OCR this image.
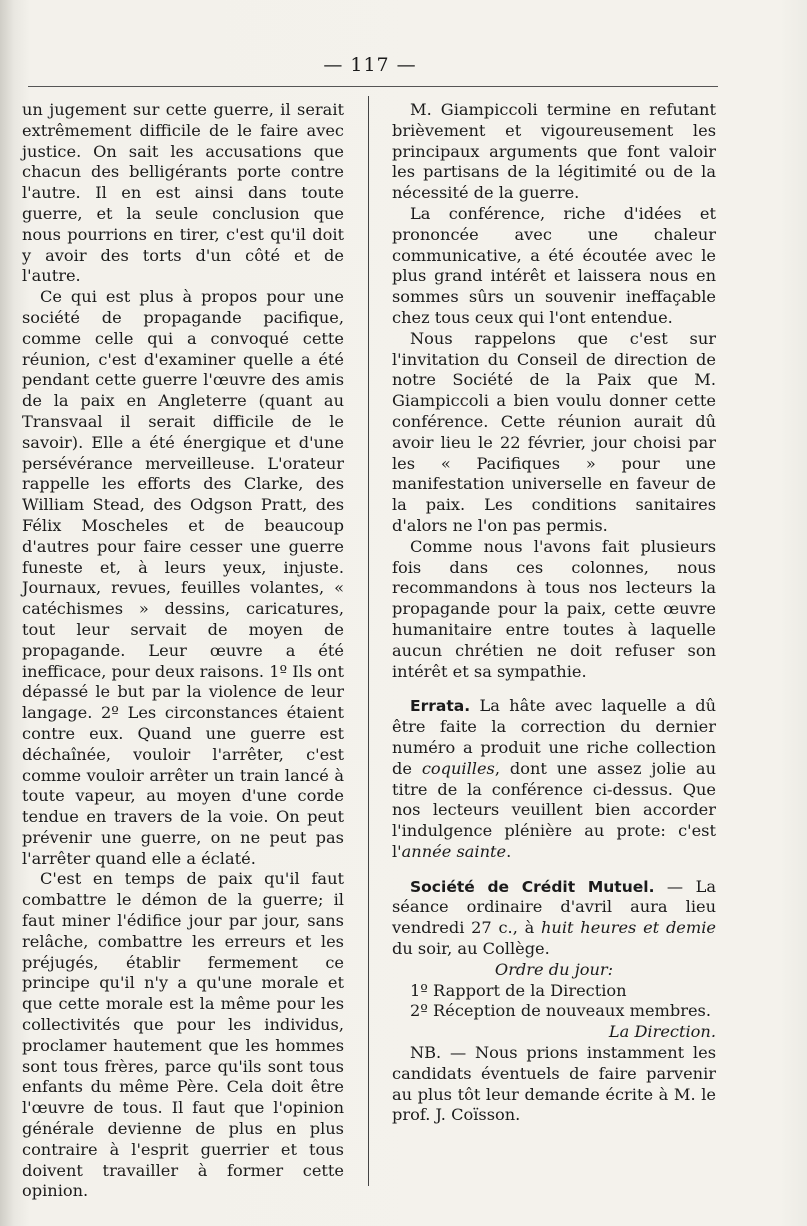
— 117 —

un jugement sur cette guerre, il serait extrêmement difficile de le faire avec justice. On sait les accusations que chacun des belligérants porte contre l'autre. Il en est ainsi dans toute guerre, et la seule conclusion que nous pourrions en tirer, c'est qu'il doit y avoir des torts d'un côté et de l'autre.

Ce qui est plus à propos pour une société de propagande pacifique, comme celle qui a convoqué cette réunion, c'est d'examiner quelle a été pendant cette guerre l'œuvre des amis de la paix en Angleterre (quant au Transvaal il serait difficile de le savoir). Elle a été énergique et d'une persévérance merveilleuse. L'orateur rappelle les efforts des Clarke, des William Stead, des Odgson Pratt, des Félix Moscheles et de beaucoup d'autres pour faire cesser une guerre funeste et, à leurs yeux, injuste. Journaux, revues, feuilles volantes, « catéchismes » dessins, caricatures, tout leur servait de moyen de propagande. Leur œuvre a été inefficace, pour deux raisons. 1º Ils ont dépassé le but par la violence de leur langage. 2º Les circonstances étaient contre eux. Quand une guerre est déchaînée, vouloir l'arrêter, c'est comme vouloir arrêter un train lancé à toute vapeur, au moyen d'une corde tendue en travers de la voie. On peut prévenir une guerre, on ne peut pas l'arrêter quand elle a éclaté.

C'est en temps de paix qu'il faut combattre le démon de la guerre; il faut miner l'édifice jour par jour, sans relâche, combattre les erreurs et les préjugés, établir fermement ce principe qu'il n'y a qu'une morale et que cette morale est la même pour les collectivités que pour les individus, proclamer hautement que les hommes sont tous frères, parce qu'ils sont tous enfants du même Père. Cela doit être l'œuvre de tous. Il faut que l'opinion générale devienne de plus en plus contraire à l'esprit guerrier et tous doivent travailler à former cette opinion.

M. Giampiccoli termine en refutant brièvement et vigoureusement les principaux arguments que font valoir les partisans de la légitimité ou de la nécessité de la guerre.

La conférence, riche d'idées et prononcée avec une chaleur communicative, a été écoutée avec le plus grand intérêt et laissera nous en sommes sûrs un souvenir ineffaçable chez tous ceux qui l'ont entendue.

Nous rappelons que c'est sur l'invitation du Conseil de direction de notre Société de la Paix que M. Giampiccoli a bien voulu donner cette conférence. Cette réunion aurait dû avoir lieu le 22 février, jour choisi par les « Pacifiques » pour une manifestation universelle en faveur de la paix. Les conditions sanitaires d'alors ne l'on pas permis.

Comme nous l'avons fait plusieurs fois dans ces colonnes, nous recommandons à tous nos lecteurs la propagande pour la paix, cette œuvre humanitaire entre toutes à laquelle aucun chrétien ne doit refuser son intérêt et sa sympathie.

Errata. La hâte avec laquelle a dû être faite la correction du dernier numéro a produit une riche collection de coquilles, dont une assez jolie au titre de la conférence ci-dessus. Que nos lecteurs veuillent bien accorder l'indulgence plénière au prote: c'est l'année sainte.

Société de Crédit Mutuel. — La séance ordinaire d'avril aura lieu vendredi 27 c., à huit heures et demie du soir, au Collège.

Ordre du jour:

1º Rapport de la Direction

2º Réception de nouveaux membres.

La Direction.

NB. — Nous prions instamment les candidats éventuels de faire parvenir au plus tôt leur demande écrite à M. le prof. J. Coïsson.
